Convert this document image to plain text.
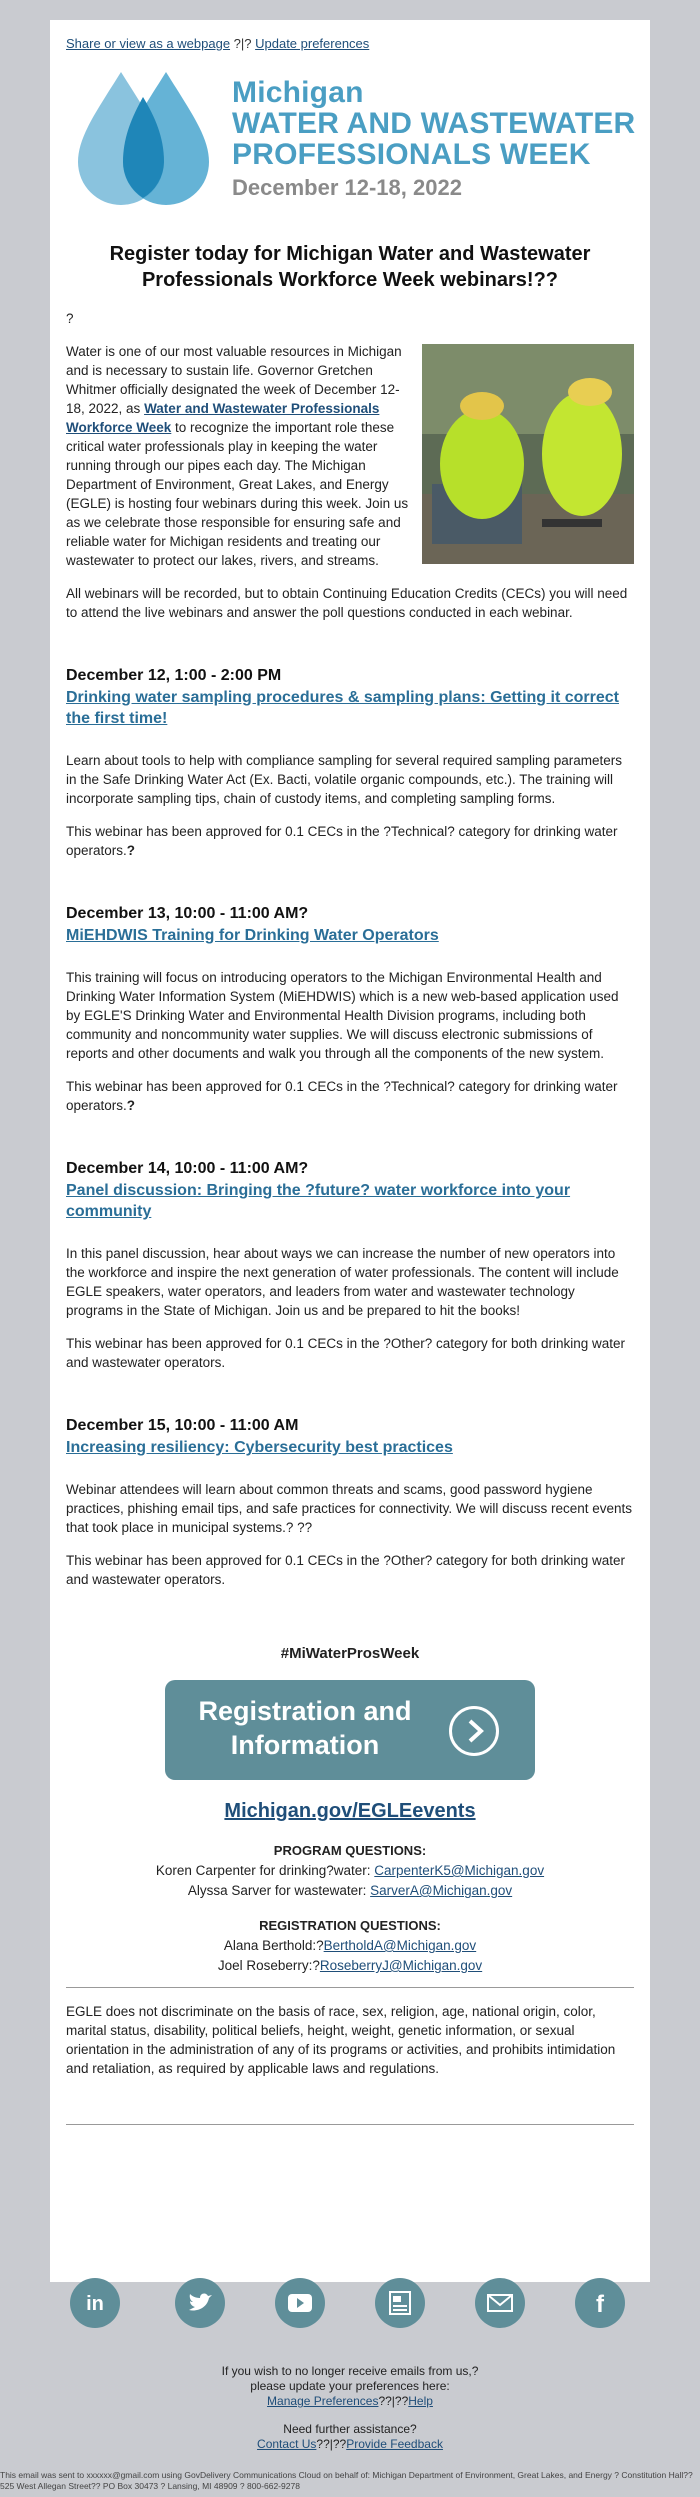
Share or view as a webpage ?|? Update preferences
Michigan
WATER AND WASTEWATER
PROFESSIONALS WEEK
December 12-18, 2022
Register today for Michigan Water and Wastewater Professionals Workforce Week webinars!??

?

Water is one of our most valuable resources in Michigan and is necessary to sustain life. Governor Gretchen Whitmer officially designated the week of December 12-18, 2022, as Water and Wastewater Professionals Workforce Week to recognize the important role these critical water professionals play in keeping the water running through our pipes each day. The Michigan Department of Environment, Great Lakes, and Energy (EGLE) is hosting four webinars during this week. Join us as we celebrate those responsible for ensuring safe and reliable water for Michigan residents and treating our wastewater to protect our lakes, rivers, and streams.

All webinars will be recorded, but to obtain Continuing Education Credits (CECs) you will need to attend the live webinars and answer the poll questions conducted in each webinar.

December 12, 1:00 - 2:00 PM

Drinking water sampling procedures & sampling plans: Getting it correct the first time!

Learn about tools to help with compliance sampling for several required sampling parameters in the Safe Drinking Water Act (Ex. Bacti, volatile organic compounds, etc.). The training will incorporate sampling tips, chain of custody items, and completing sampling forms.

This webinar has been approved for 0.1 CECs in the ?Technical? category for drinking water operators.?

December 13, 10:00 - 11:00 AM?

MiEHDWIS Training for Drinking Water Operators

This training will focus on introducing operators to the Michigan Environmental Health and Drinking Water Information System (MiEHDWIS) which is a new web-based application used by EGLE'S Drinking Water and Environmental Health Division programs, including both community and noncommunity water supplies. We will discuss electronic submissions of reports and other documents and walk you through all the components of the new system.

This webinar has been approved for 0.1 CECs in the ?Technical? category for drinking water operators.?

December 14, 10:00 - 11:00 AM?

Panel discussion: Bringing the ?future? water workforce into your community

In this panel discussion, hear about ways we can increase the number of new operators into the workforce and inspire the next generation of water professionals. The content will include EGLE speakers, water operators, and leaders from water and wastewater technology programs in the State of Michigan. Join us and be prepared to hit the books!

This webinar has been approved for 0.1 CECs in the ?Other? category for both drinking water and wastewater operators.

December 15, 10:00 - 11:00 AM

Increasing resiliency: Cybersecurity best practices

Webinar attendees will learn about common threats and scams, good password hygiene practices, phishing email tips, and safe practices for connectivity. We will discuss recent events that took place in municipal systems.? ??

This webinar has been approved for 0.1 CECs in the ?Other? category for both drinking water and wastewater operators.

#MiWaterProsWeek
Registration and Information
Michigan.gov/EGLEevents

PROGRAM QUESTIONS:

Koren Carpenter for drinking?water: CarpenterK5@Michigan.gov

Alyssa Sarver for wastewater: SarverA@Michigan.gov

REGISTRATION QUESTIONS:

Alana Berthold:?BertholdA@Michigan.gov

Joel Roseberry:?RoseberryJ@Michigan.gov

EGLE does not discriminate on the basis of race, sex, religion, age, national origin, color, marital status, disability, political beliefs, height, weight, genetic information, or sexual orientation in the administration of any of its programs or activities, and prohibits intimidation and retaliation, as required by applicable laws and regulations.

in	f
If you wish to no longer receive emails from us,?
please update your preferences here:
Manage Preferences??|??Help
Need further assistance?
Contact Us??|??Provide Feedback
This email was sent to xxxxxx@gmail.com using GovDelivery Communications Cloud on behalf of: Michigan Department of Environment, Great Lakes, and Energy ? Constitution Hall?? 525 West Allegan Street?? PO Box 30473 ? Lansing, MI 48909 ? 800-662-9278
